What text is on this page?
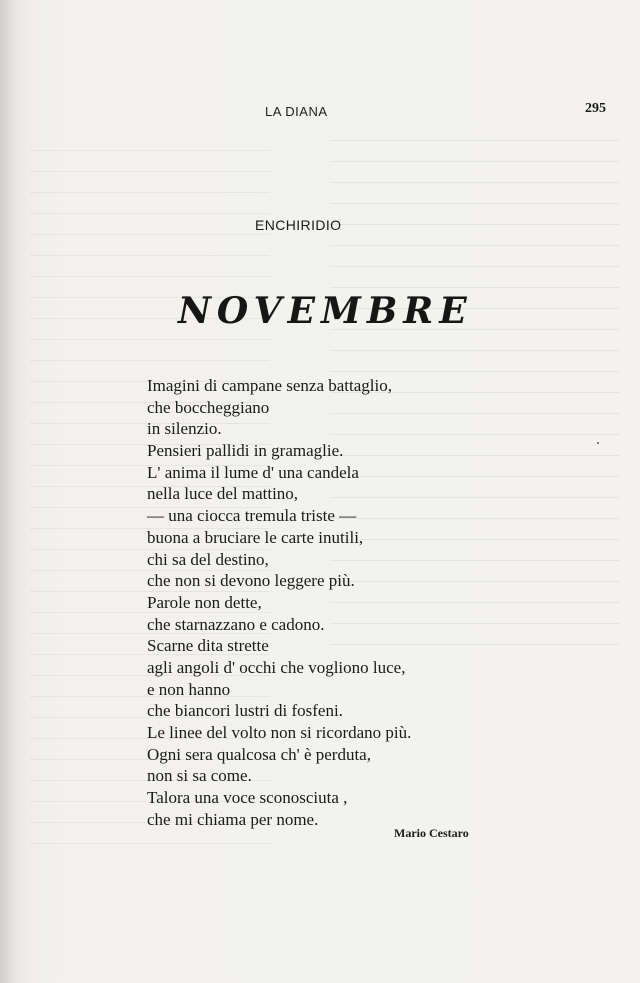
LA DIANA	295
ENCHIRIDIO
NOVEMBRE
Imagini di campane senza battaglio,
che boccheggiano
in silenzio.
Pensieri pallidi in gramaglie.
L' anima il lume d' una candela
nella luce del mattino,
— una ciocca tremula triste —
buona a bruciare le carte inutili,
chi sa del destino,
che non si devono leggere più.
Parole non dette,
che starnazzano e cadono.
Scarne dita strette
agli angoli d' occhi che vogliono luce,
e non hanno
che biancori lustri di fosfeni.
Le linee del volto non si ricordano più.
Ogni sera qualcosa ch' è perduta,
non si sa come.
Talora una voce sconosciuta ,
che mi chiama per nome.
Mario Cestaro
